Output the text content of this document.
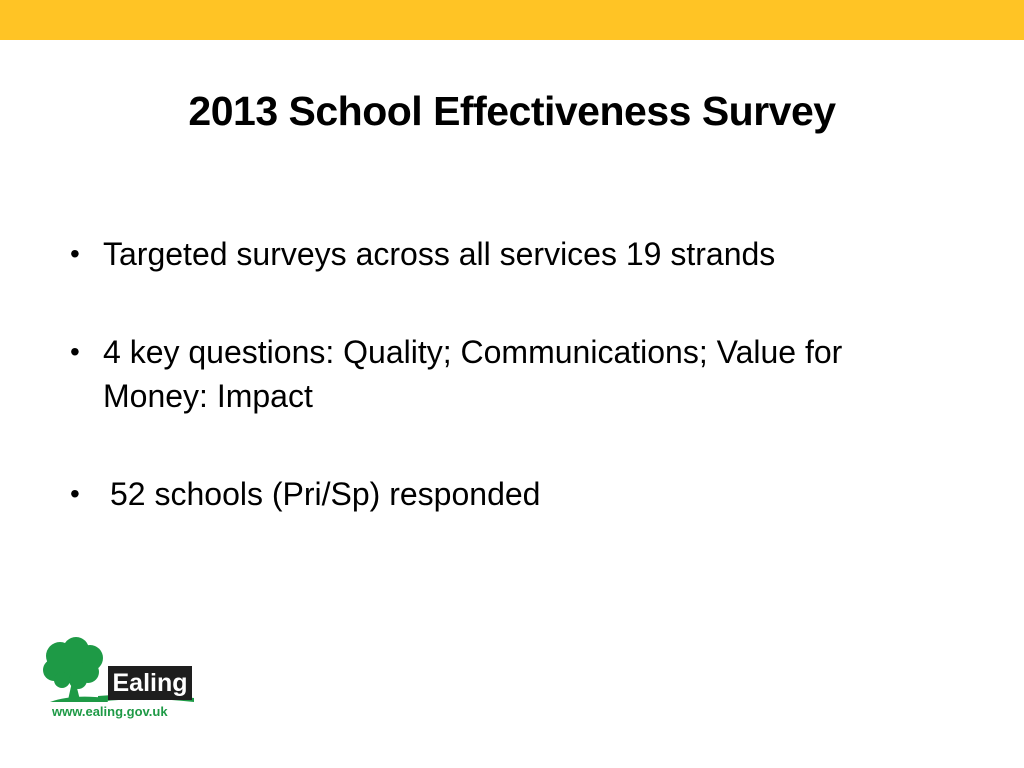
2013 School Effectiveness Survey
• Targeted surveys across all services 19 strands
• 4 key questions: Quality; Communications; Value for Money: Impact
• 52 schools (Pri/Sp) responded
Ealing
www.ealing.gov.uk
